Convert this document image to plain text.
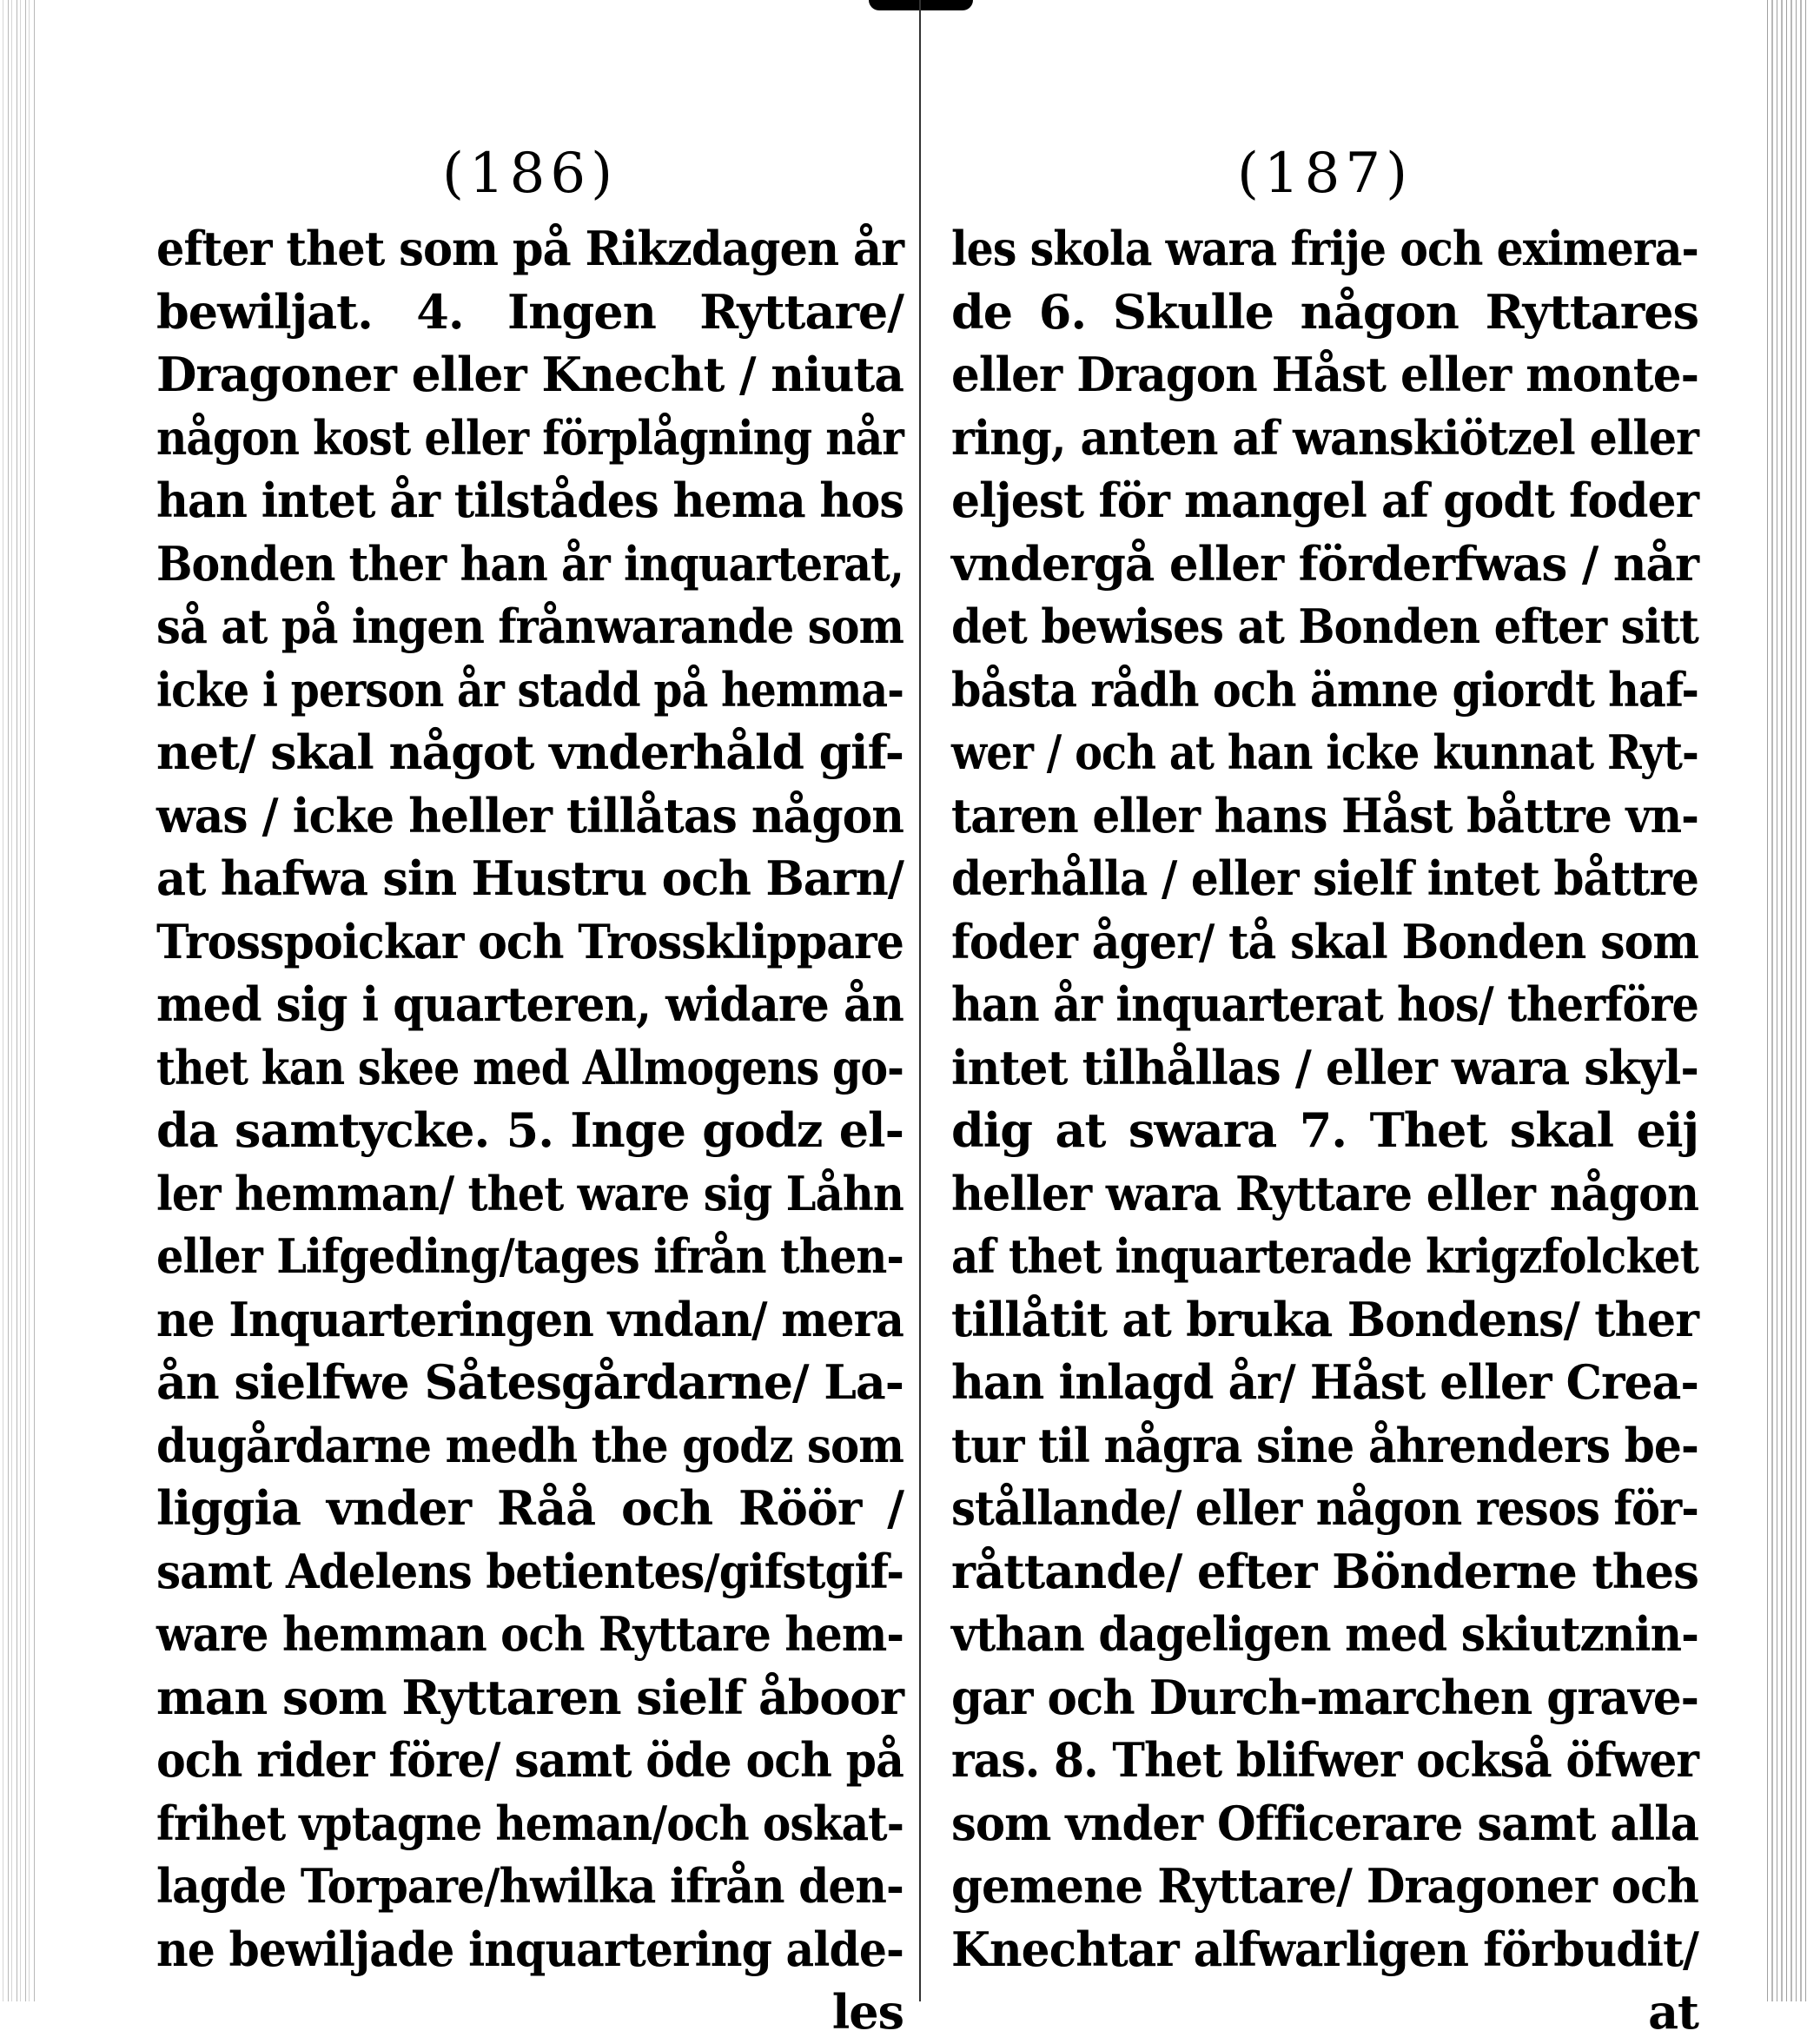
(186)
efter thet som på Rikzdagen år
bewiljat. 4. Ingen Ryttare/
Dragoner eller Knecht / niuta
någon kost eller förplågning når
han intet år tilstådes hema hos
Bonden ther han år inquarterat,
så at på ingen frånwarande som
icke i person år stadd på hemma-
net/ skal något vnderhåld gif-
was / icke heller tillåtas någon
at hafwa sin Hustru och Barn/
Trosspoickar och Trossklippare
med sig i quarteren, widare ån
thet kan skee med Allmogens go-
da samtycke. 5. Inge godz el-
ler hemman/ thet ware sig Låhn
eller Lifgeding/tages ifrån then-
ne Inquarteringen vndan/ mera
ån sielfwe Såtesgårdarne/ La-
dugårdarne medh the godz som
liggia vnder Råå och Röör /
samt Adelens betientes/gifstgif-
ware hemman och Ryttare hem-
man som Ryttaren sielf åboor
och rider före/ samt öde och på
frihet vptagne heman/och oskat-
lagde Torpare/hwilka ifrån den-
ne bewiljade inquartering alde-
les
(187)
les skola wara frije och eximera-
de 6. Skulle någon Ryttares
eller Dragon Håst eller monte-
ring, anten af wanskiötzel eller
eljest för mangel af godt foder
vndergå eller förderfwas / når
det bewises at Bonden efter sitt
båsta rådh och ämne giordt haf-
wer / och at han icke kunnat Ryt-
taren eller hans Håst båttre vn-
derhålla / eller sielf intet båttre
foder åger/ tå skal Bonden som
han år inquarterat hos/ therföre
intet tilhållas / eller wara skyl-
dig at swara 7. Thet skal eij
heller wara Ryttare eller någon
af thet inquarterade krigzfolcket
tillåtit at bruka Bondens/ ther
han inlagd år/ Håst eller Crea-
tur til några sine åhrenders be-
stållande/ eller någon resos för-
råttande/ efter Bönderne thes
vthan dageligen med skiutznin-
gar och Durch-marchen grave-
ras. 8. Thet blifwer också öfwer
som vnder Officerare samt alla
gemene Ryttare/ Dragoner och
Knechtar alfwarligen förbudit/
at
